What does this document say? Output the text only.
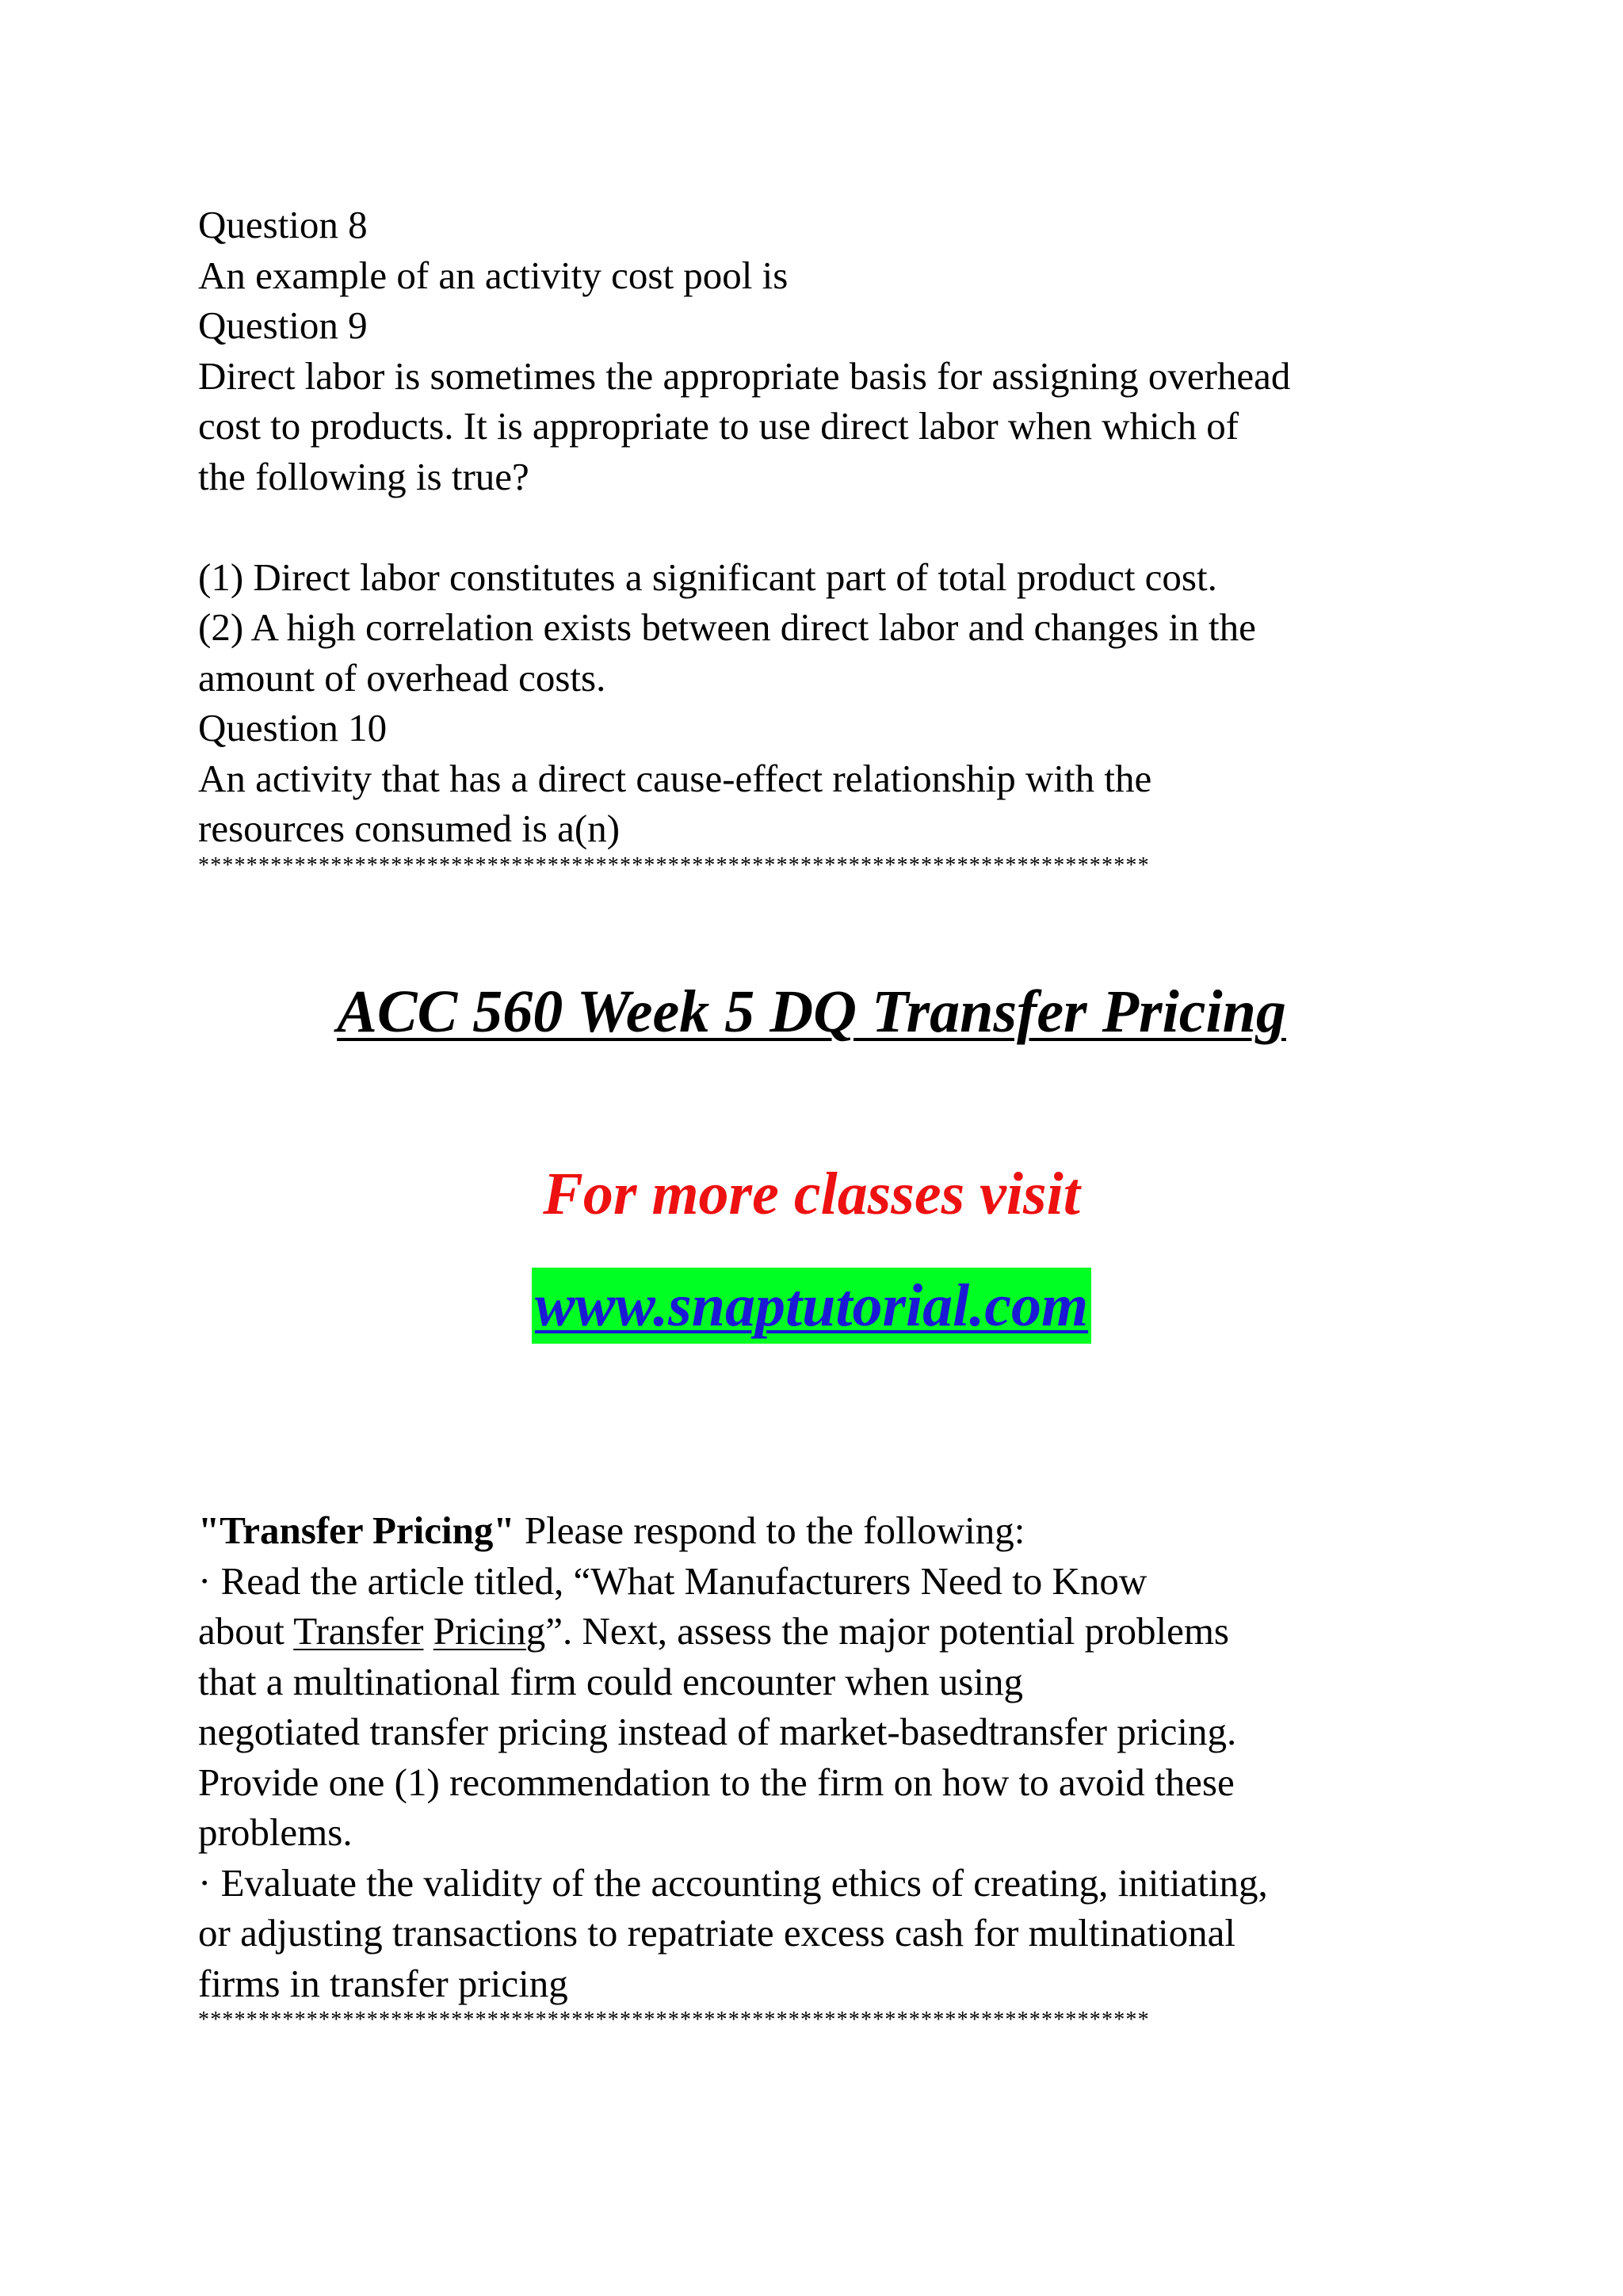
Question 8
An example of an activity cost pool is
Question 9
Direct labor is sometimes the appropriate basis for assigning overhead
cost to products. It is appropriate to use direct labor when which of
the following is true?

(1) Direct labor constitutes a significant part of total product cost.
(2) A high correlation exists between direct labor and changes in the
amount of overhead costs.
Question 10
An activity that has a direct cause-effect relationship with the
resources consumed is a(n)
*******************************************************************************
ACC 560 Week 5 DQ Transfer Pricing
For more classes visit
www.snaptutorial.com
"Transfer Pricing" Please respond to the following:
· Read the article titled, “What Manufacturers Need to Know
about Transfer Pricing”. Next, assess the major potential problems
that a multinational firm could encounter when using
negotiated transfer pricing instead of market-basedtransfer pricing.
Provide one (1) recommendation to the firm on how to avoid these
problems.
· Evaluate the validity of the accounting ethics of creating, initiating,
or adjusting transactions to repatriate excess cash for multinational
firms in transfer pricing
*******************************************************************************
